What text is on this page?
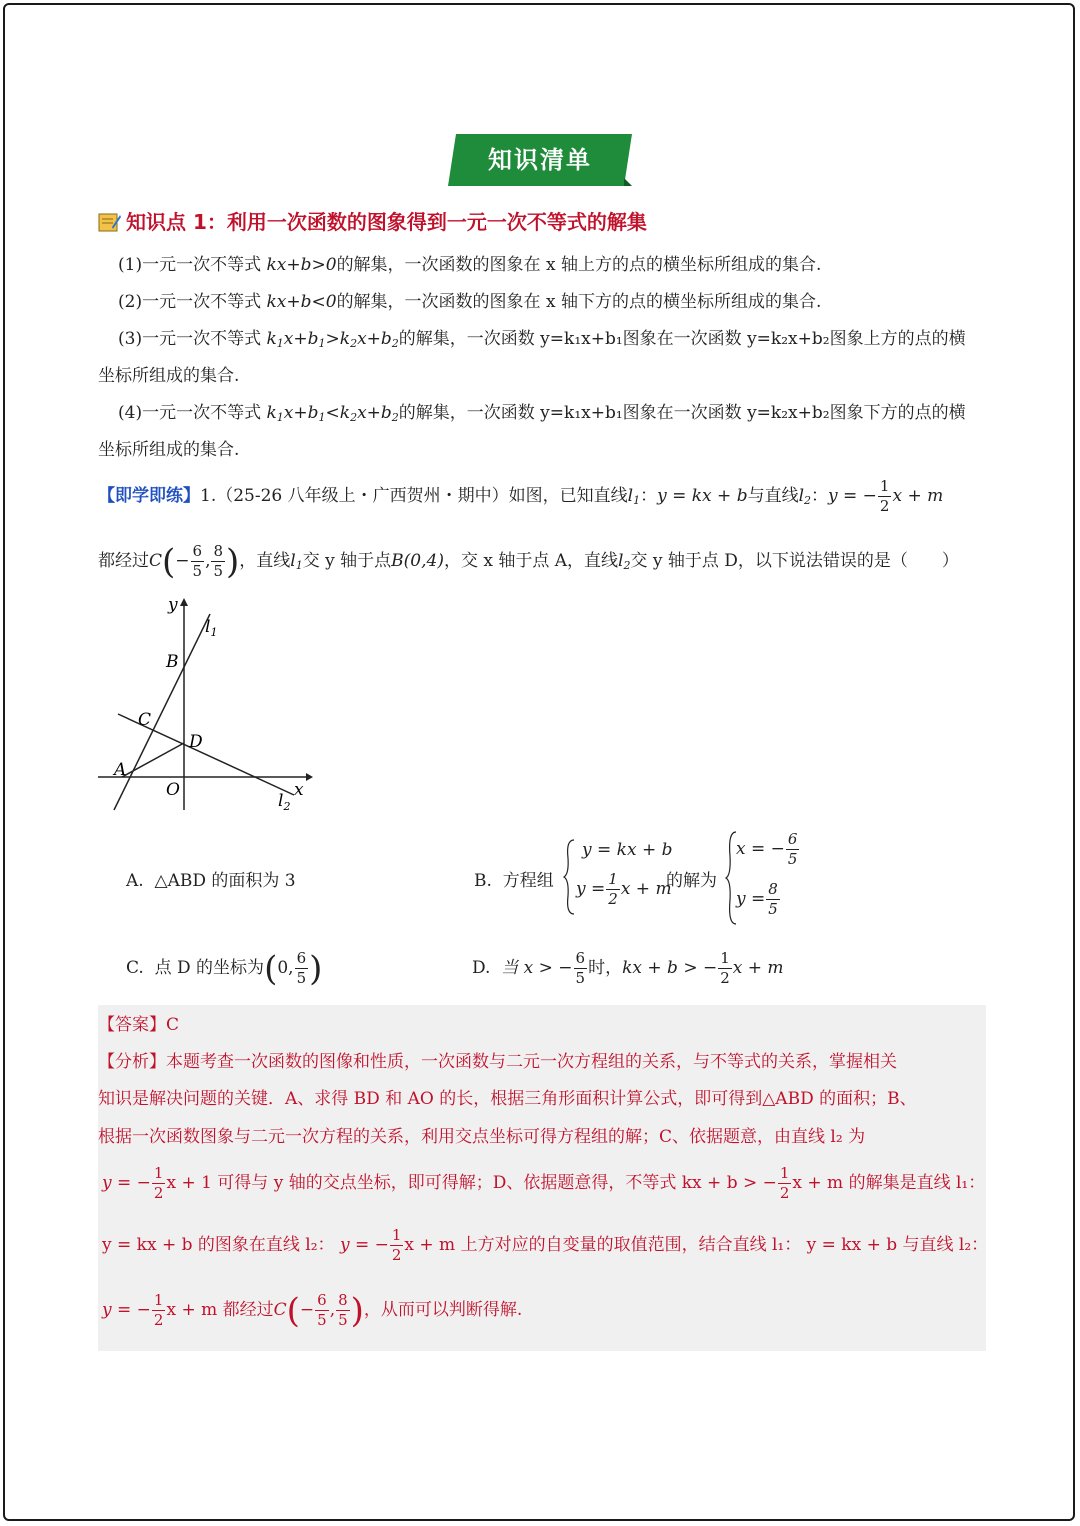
知识清单
知识点 1：利用一次函数的图象得到一元一次不等式的解集
(1)一元一次不等式 kx+b>0的解集，一次函数的图象在 x 轴上方的点的横坐标所组成的集合.
(2)一元一次不等式 kx+b<0的解集，一次函数的图象在 x 轴下方的点的横坐标所组成的集合.
(3)一元一次不等式 $k_1x+b_1>k_2x+b_2$的解集，一次函数 y=k₁x+b₁图象在一次函数 y=k₂x+b₂图象上方的点的横
坐标所组成的集合.
(4)一元一次不等式 $k_1x+b_1<k_2x+b_2$的解集，一次函数 y=k₁x+b₁图象在一次函数 y=k₂x+b₂图象下方的点的横
坐标所组成的集合.
【即学即练】1.（25-26 八年级上・广西贺州・期中）如图，已知直线$l_1$：y = kx + b与直线$l_2$：y = − $\frac{1}{2}$ x + m
都经过$C(- \frac{6}{5}$ , $\frac{8}{5}$ )，直线$l_1$交 y 轴于点B(0,4)，交 x 轴于点 A，直线$l_2$交 y 轴于点 D，以下说法错误的是（　　）
y
x
$l_1$
$l_2$
B
C
D
A
O
A. △ABD 的面积为 3	B. 方程组
y = kx + b
$y = \frac{1}{2}$ x + m
的解为
x = − $\frac{6}{5}$
$y = \frac{8}{5}$
C. 点 D 的坐标为(0, $\frac{6}{5}$ )	D. 当 x > − $\frac{6}{5}$ 时，kx + b > − $\frac{1}{2}$ x + m
【答案】C
【分析】本题考查一次函数的图像和性质，一次函数与二元一次方程组的关系，与不等式的关系，掌握相关
知识是解决问题的关键．A、求得 BD 和 AO 的长，根据三角形面积计算公式，即可得到△ABD 的面积；B、
根据一次函数图象与二元一次方程的关系，利用交点坐标可得方程组的解；C、依据题意，由直线 l₂ 为
y = − $\frac{1}{2}$ x + 1 可得与 y 轴的交点坐标，即可得解；D、依据题意得，不等式 kx + b > − $\frac{1}{2}$ x + m 的解集是直线 l₁：
y = kx + b 的图象在直线 l₂： y = − $\frac{1}{2}$ x + m 上方对应的自变量的取值范围，结合直线 l₁： y = kx + b 与直线 l₂：
y = − $\frac{1}{2}$ x + m 都经过$C(- \frac{6}{5}$ , $\frac{8}{5}$ )，从而可以判断得解.
